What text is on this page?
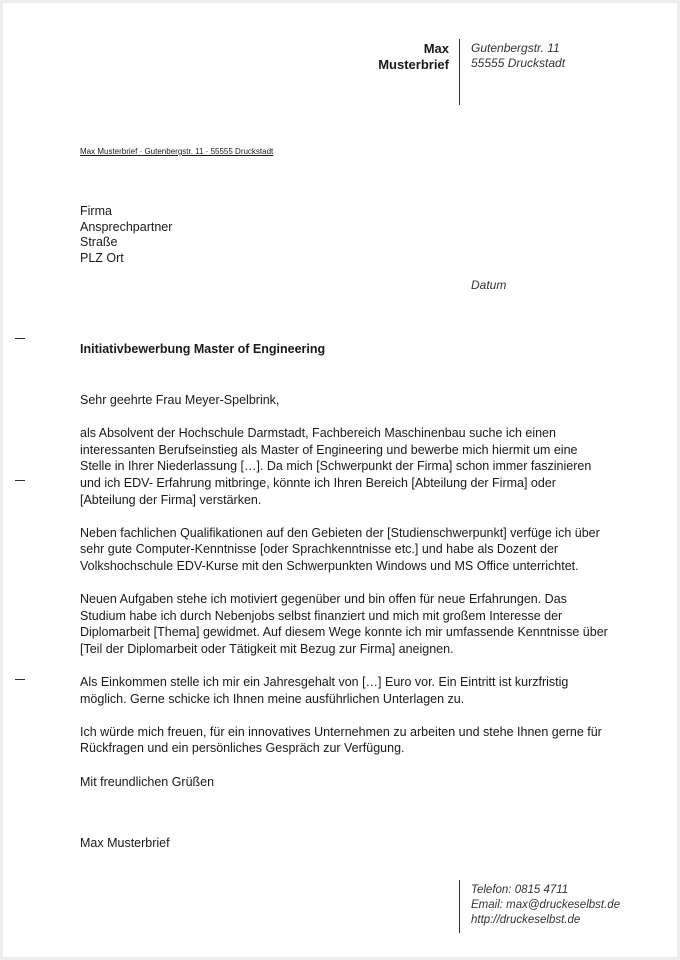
Max
Musterbrief
Gutenbergstr. 11
55555 Druckstadt
Max Musterbrief · Gutenbergstr. 11 · 55555 Druckstadt
Firma
Ansprechpartner
Straße
PLZ Ort
Datum
Initiativbewerbung Master of Engineering

Sehr geehrte Frau Meyer-Spelbrink,

als Absolvent der Hochschule Darmstadt, Fachbereich Maschinenbau suche ich einen interessanten Berufseinstieg als Master of Engineering und bewerbe mich hiermit um eine Stelle in Ihrer Niederlassung […]. Da mich [Schwerpunkt der Firma] schon immer faszinieren und ich EDV- Erfahrung mitbringe, könnte ich Ihren Bereich [Abteilung der Firma] oder [Abteilung der Firma] verstärken.

Neben fachlichen Qualifikationen auf den Gebieten der [Studienschwerpunkt] verfüge ich über sehr gute Computer-Kenntnisse [oder Sprachkenntnisse etc.] und habe als Dozent der Volkshochschule EDV-Kurse mit den Schwerpunkten Windows und MS Office unterrichtet.

Neuen Aufgaben stehe ich motiviert gegenüber und bin offen für neue Erfahrungen. Das Studium habe ich durch Nebenjobs selbst finanziert und mich mit großem Interesse der Diplomarbeit [Thema] gewidmet. Auf diesem Wege konnte ich mir umfassende Kenntnisse über [Teil der Diplomarbeit oder Tätigkeit mit Bezug zur Firma] aneignen.

Als Einkommen stelle ich mir ein Jahresgehalt von […] Euro vor. Ein Eintritt ist kurzfristig möglich. Gerne schicke ich Ihnen meine ausführlichen Unterlagen zu.

Ich würde mich freuen, für ein innovatives Unternehmen zu arbeiten und stehe Ihnen gerne für Rückfragen und ein persönliches Gespräch zur Verfügung.

Mit freundlichen Grüßen

Max Musterbrief
Telefon: 0815 4711
Email: max@druckeselbst.de
http://druckeselbst.de
